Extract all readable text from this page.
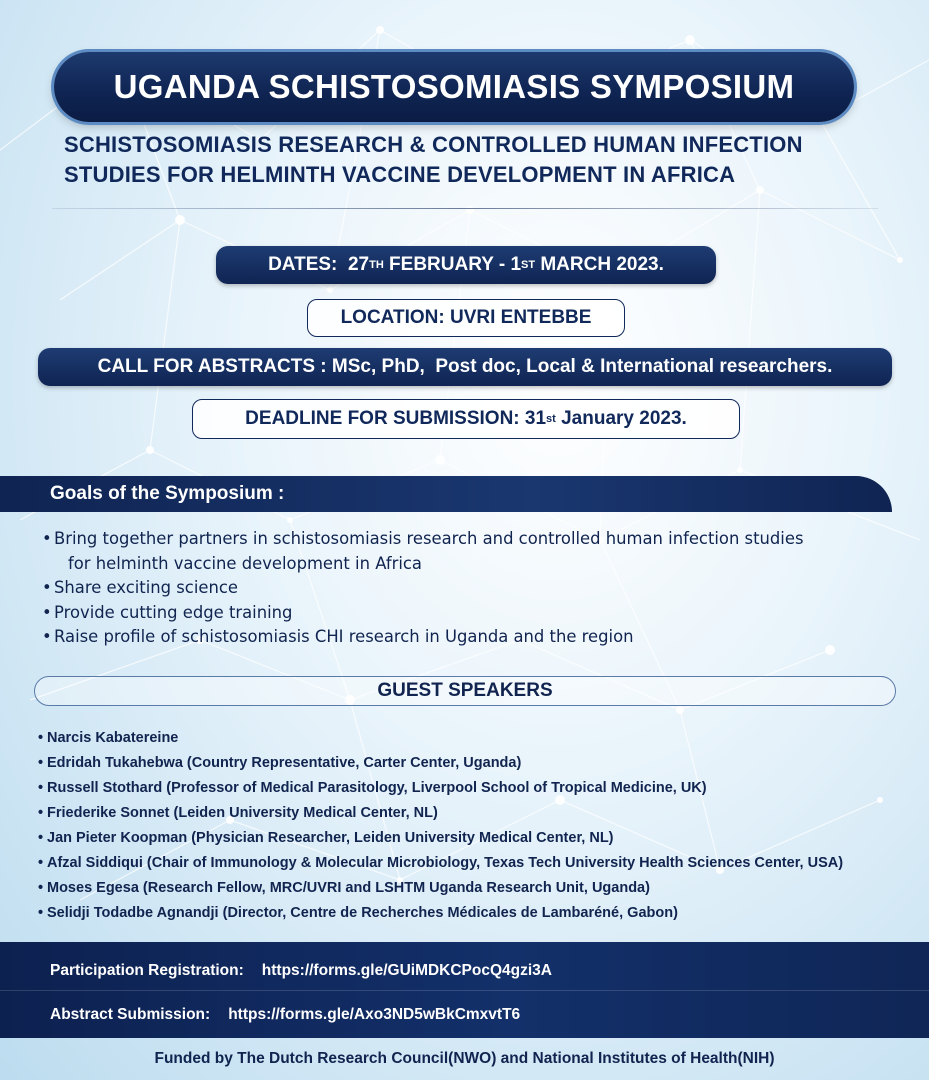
UGANDA SCHISTOSOMIASIS SYMPOSIUM
SCHISTOSOMIASIS RESEARCH & CONTROLLED HUMAN INFECTION
STUDIES FOR HELMINTH VACCINE DEVELOPMENT IN AFRICA
DATES:
27 TH
FEBRUARY - 1 ST
MARCH 2023.
LOCATION: UVRI ENTEBBE
CALL FOR ABSTRACTS : MSc, PhD,  Post doc, Local & International researchers.
DEADLINE FOR SUBMISSION: 31 st
January 2023.
Goals of the Symposium :
• Bring together partners in schistosomiasis research and controlled human infection studies
for helminth vaccine development in Africa
• Share exciting science
• Provide cutting edge training
• Raise profile of schistosomiasis CHI research in Uganda and the region
GUEST SPEAKERS
• Narcis Kabatereine
• Edridah Tukahebwa (Country Representative, Carter Center, Uganda)
• Russell Stothard (Professor of Medical Parasitology, Liverpool School of Tropical Medicine, UK)
• Friederike Sonnet (Leiden University Medical Center, NL)
• Jan Pieter Koopman (Physician Researcher, Leiden University Medical Center, NL)
• Afzal Siddiqui (Chair of Immunology & Molecular Microbiology, Texas Tech University Health Sciences Center, USA)
• Moses Egesa (Research Fellow, MRC/UVRI and LSHTM Uganda Research Unit, Uganda)
• Selidji Todadbe Agnandji (Director, Centre de Recherches Médicales de Lambaréné, Gabon)
Participation Registration: https://forms.gle/GUiMDKCPocQ4gzi3A
Abstract Submission: https://forms.gle/Axo3ND5wBkCmxvtT6
Funded by The Dutch Research Council(NWO) and National Institutes of Health(NIH)
